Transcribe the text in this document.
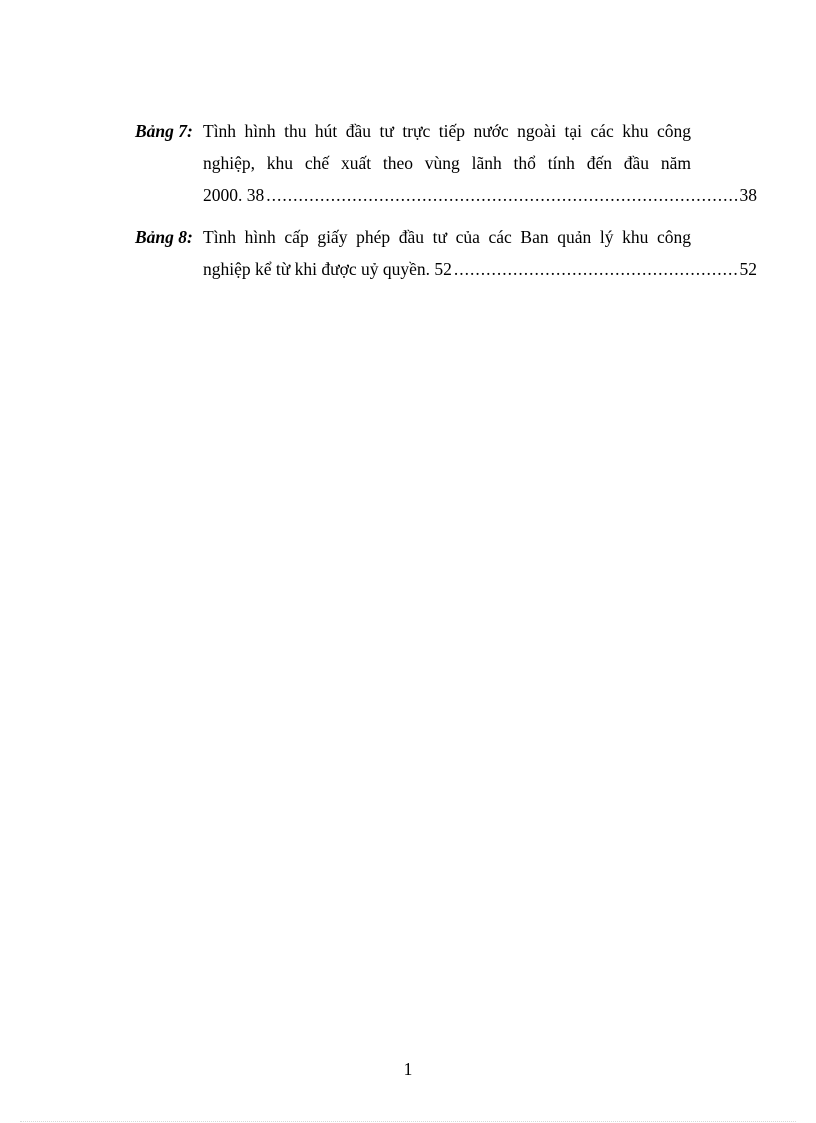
Bảng 7: Tình hình thu hút đầu tư trực tiếp nước ngoài tại các khu công
nghiệp, khu chế xuất theo vùng lãnh thổ tính đến đầu năm
2000. 38 .....	38
Bảng 8: Tình hình cấp giấy phép đầu tư của các Ban quản lý khu công
nghiệp kể từ khi được uỷ quyền. 52 .....	52
1
